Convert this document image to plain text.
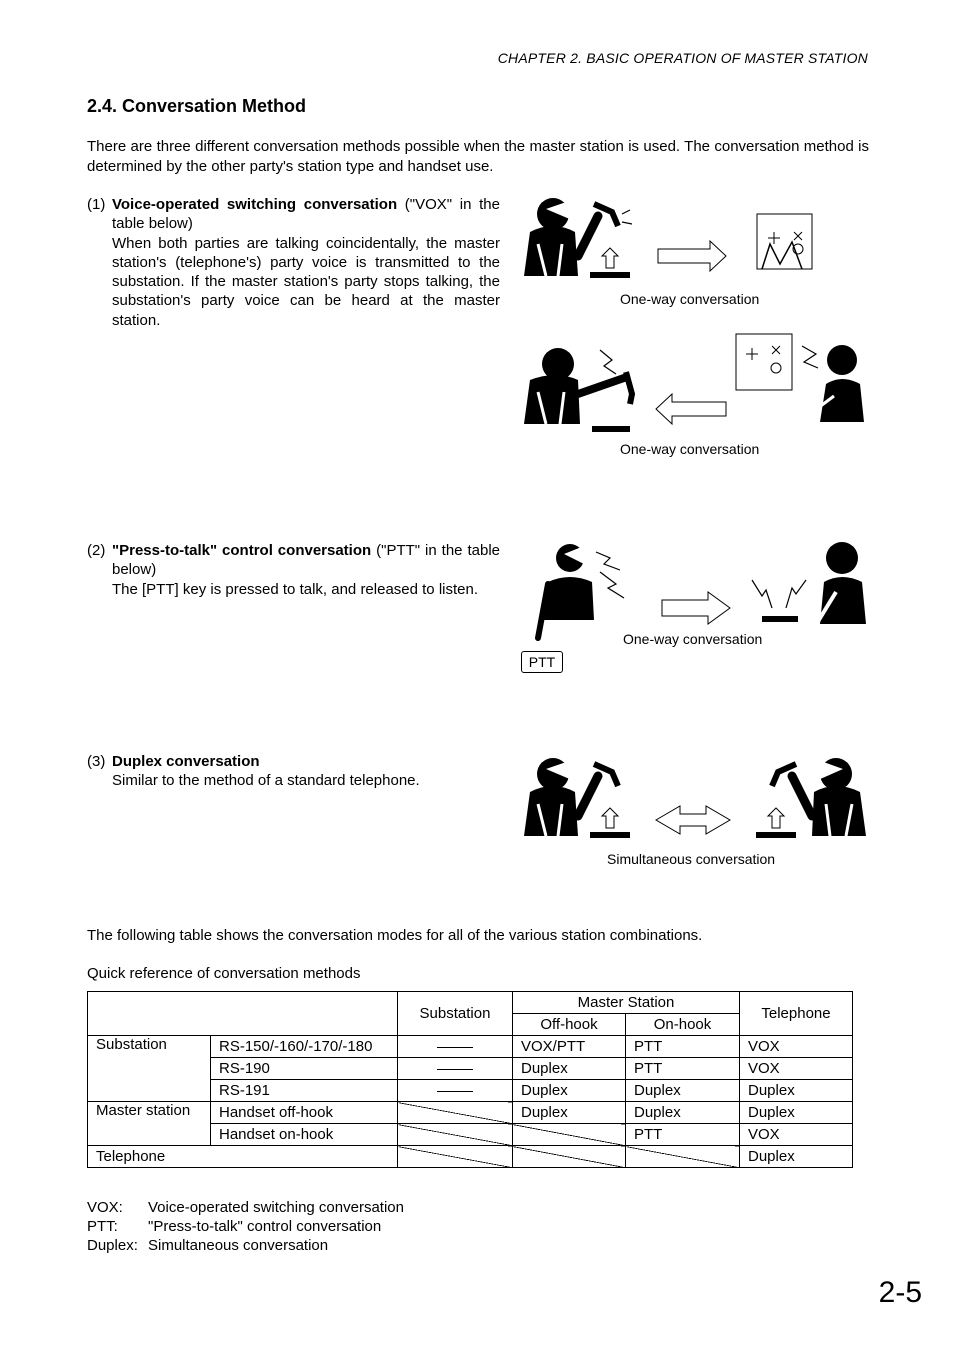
CHAPTER 2. BASIC OPERATION OF MASTER STATION
2.4. Conversation Method
There are three different conversation methods possible when the master station is used. The conversation method is determined by the other party's station type and handset use.
(1) Voice-operated switching conversation ("VOX" in the table below)
When both parties are talking coincidentally, the master station's (telephone's) party voice is transmitted to the substation. If the master station's party stops talking, the substation's party voice can be heard at the master station.
(2) "Press-to-talk" control conversation ("PTT" in the table below)
The [PTT] key is pressed to talk, and released to listen.
(3) Duplex conversation
Similar to the method of a standard telephone.
One-way conversation
One-way conversation
One-way conversation
PTT
Simultaneous conversation
The following table shows the conversation modes for all of the various station combinations.
Quick reference of conversation methods
		Substation	Master Station		Telephone
			Off-hook	On-hook	
Substation	RS-150/-160/-170/-180		VOX/PTT	PTT	VOX
	RS-190		Duplex	PTT	VOX
	RS-191		Duplex	Duplex	Duplex
Master station	Handset off-hook		Duplex	Duplex	Duplex
	Handset on-hook			PTT	VOX
Telephone					Duplex
VOX: Voice-operated switching conversation
PTT: "Press-to-talk" control conversation
Duplex: Simultaneous conversation
2-5
